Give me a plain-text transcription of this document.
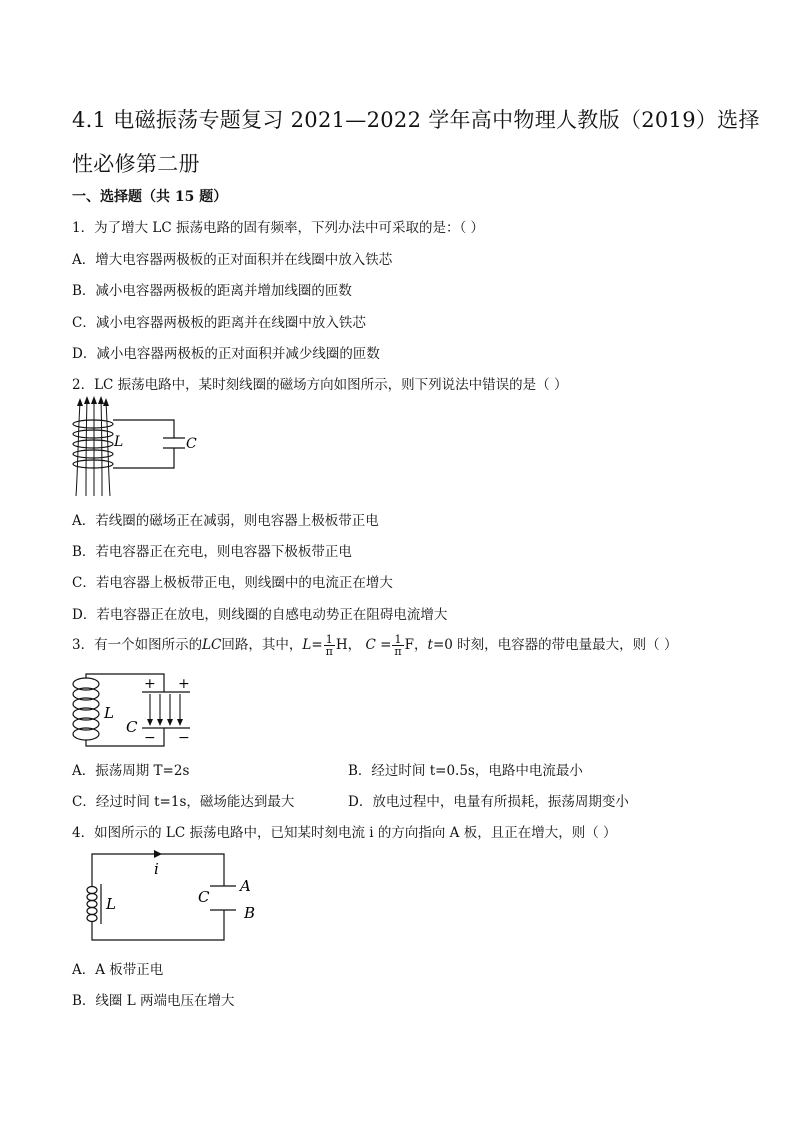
4.1 电磁振荡专题复习 2021—2022 学年高中物理人教版（2019）选择
性必修第二册
一、选择题（共 15 题）
1．为了增大 LC 振荡电路的固有频率，下列办法中可采取的是：（ ）
A．增大电容器两极板的正对面积并在线圈中放入铁芯
B．减小电容器两极板的距离并增加线圈的匝数
C．减小电容器两极板的距离并在线圈中放入铁芯
D．减小电容器两极板的正对面积并减少线圈的匝数
2．LC 振荡电路中，某时刻线圈的磁场方向如图所示，则下列说法中错误的是（ ）
L	C
A．若线圈的磁场正在减弱，则电容器上极板带正电
B．若电容器正在充电，则电容器下极板带正电
C．若电容器上极板带正电，则线圈中的电流正在增大
D．若电容器正在放电，则线圈的自感电动势正在阻碍电流增大
3．有一个如图所示的LC回路，其中，$L= \frac{1}{\pi}$ H， $C = \frac{1}{\pi}$ F，t=0 时刻，电容器的带电量最大，则（ ）
+ +
− −
L
C
A．振荡周期 T=2s	B．经过时间 t=0.5s，电路中电流最小
C．经过时间 t=1s，磁场能达到最大	D．放电过程中，电量有所损耗，振荡周期变小
4．如图所示的 LC 振荡电路中，已知某时刻电流 i 的方向指向 A 板，且正在增大，则（ ）
i
L	C
A
B
A．A 板带正电
B．线圈 L 两端电压在增大
